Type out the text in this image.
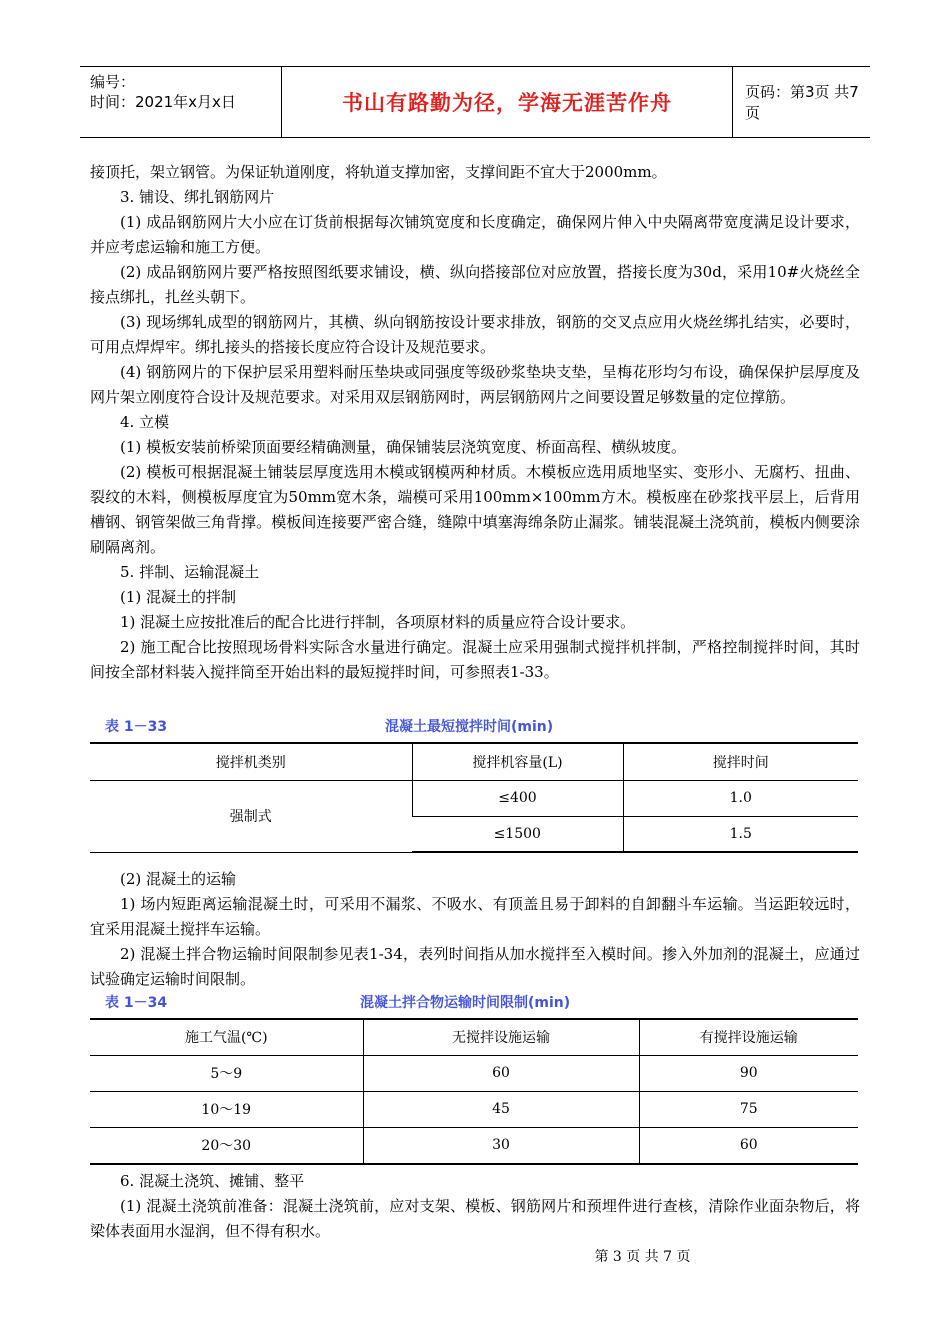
编号：
时间：2021年x月x日	书山有路勤为径，学海无涯苦作舟	页码：第3页 共7页

接顶托，架立钢管。为保证轨道刚度，将轨道支撑加密，支撑间距不宜大于2000mm。

3. 铺设、绑扎钢筋网片

(1) 成品钢筋网片大小应在订货前根据每次铺筑宽度和长度确定，确保网片伸入中央隔离带宽度满足设计要求，并应考虑运输和施工方便。

(2) 成品钢筋网片要严格按照图纸要求铺设，横、纵向搭接部位对应放置，搭接长度为30d，采用10#火烧丝全接点绑扎，扎丝头朝下。

(3) 现场绑轧成型的钢筋网片，其横、纵向钢筋按设计要求排放，钢筋的交叉点应用火烧丝绑扎结实，必要时，可用点焊焊牢。绑扎接头的搭接长度应符合设计及规范要求。

(4) 钢筋网片的下保护层采用塑料耐压垫块或同强度等级砂浆垫块支垫，呈梅花形均匀布设，确保保护层厚度及网片架立刚度符合设计及规范要求。对采用双层钢筋网时，两层钢筋网片之间要设置足够数量的定位撑筋。

4. 立模

(1) 模板安装前桥梁顶面要经精确测量，确保铺装层浇筑宽度、桥面高程、横纵坡度。

(2) 模板可根据混凝土铺装层厚度选用木模或钢模两种材质。木模板应选用质地坚实、变形小、无腐朽、扭曲、裂纹的木料，侧模板厚度宜为50mm宽木条，端模可采用100mm×100mm方木。模板座在砂浆找平层上，后背用槽钢、钢管架做三角背撑。模板间连接要严密合缝，缝隙中填塞海绵条防止漏浆。铺装混凝土浇筑前，模板内侧要涂刷隔离剂。

5. 拌制、运输混凝土

(1) 混凝土的拌制

1) 混凝土应按批准后的配合比进行拌制，各项原材料的质量应符合设计要求。

2) 施工配合比按照现场骨料实际含水量进行确定。混凝土应采用强制式搅拌机拌制，严格控制搅拌时间，其时间按全部材料装入搅拌筒至开始出料的最短搅拌时间，可参照表1-33。

表 1－33	混凝土最短搅拌时间(min)
搅拌机类别	搅拌机容量(L)	搅拌时间
强制式	≤400	1.0
	≤1500	1.5

(2) 混凝土的运输

1) 场内短距离运输混凝土时，可采用不漏浆、不吸水、有顶盖且易于卸料的自卸翻斗车运输。当运距较远时，宜采用混凝土搅拌车运输。

2) 混凝土拌合物运输时间限制参见表1-34，表列时间指从加水搅拌至入模时间。掺入外加剂的混凝土，应通过试验确定运输时间限制。

表 1－34	混凝土拌合物运输时间限制(min)
施工气温(℃)	无搅拌设施运输	有搅拌设施运输
5～9	60	90
10～19	45	75
20～30	30	60

6. 混凝土浇筑、摊铺、整平

(1) 混凝土浇筑前准备：混凝土浇筑前，应对支架、模板、钢筋网片和预埋件进行查核，清除作业面杂物后，将梁体表面用水湿润，但不得有积水。

第 3 页 共 7 页
